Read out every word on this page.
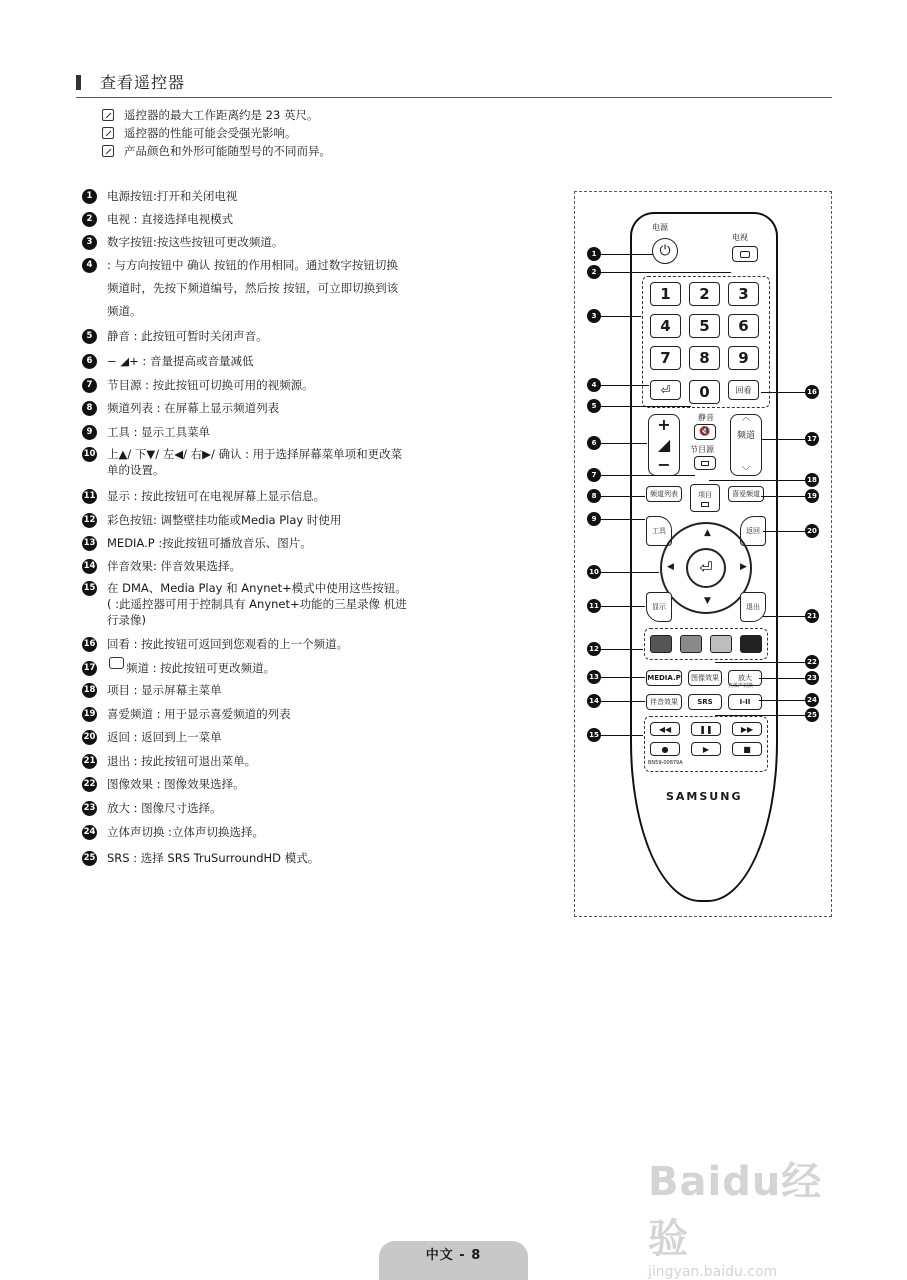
查看遥控器
遥控器的最大工作距离约是 23 英尺。
遥控器的性能可能会受强光影响。
产品颜色和外形可能随型号的不同而异。
1	电源按钮:打开和关闭电视
2	电视 : 直接选择电视模式
3	数字按钮:按这些按钮可更改频道。
4	: 与方向按钮中 确认 按钮的作用相同。通过数字按钮切换频道时，先按下频道编号，然后按 按钮，可立即切换到该频道。
5	静音 : 此按钮可暂时关闭声音。
6	− ◢+ : 音量提高或音量减低
7	节目源 : 按此按钮可切换可用的视频源。
8	频道列表 : 在屏幕上显示频道列表
9	工具 : 显示工具菜单
10 上▲/ 下▼/ 左◀/ 右▶/ 确认 : 用于选择屏幕菜单项和更改菜单的设置。
11 显示 : 按此按钮可在电视屏幕上显示信息。
12 彩色按钮: 调整壁挂功能或Media Play 时使用
13 MEDIA.P :按此按钮可播放音乐、图片。
14 伴音效果: 伴音效果选择。
15 在 DMA、Media Play 和 Anynet+模式中使用这些按钮。( :此遥控器可用于控制具有 Anynet+功能的三星录像 机进行录像)
16 回看 : 按此按钮可返回到您观看的上一个频道。
17	频道 : 按此按钮可更改频道。
18 项目 : 显示屏幕主菜单
19 喜爱频道 : 用于显示喜爱频道的列表
20 返回 : 返回到上一菜单
21 退出 : 按此按钮可退出菜单。
22 图像效果 : 图像效果选择。
23 放大 : 图像尺寸选择。
24 立体声切换 :立体声切换选择。
25 SRS : 选择 SRS TruSurroundHD 模式。
电源
⏻
电视
1	2	3
4	5	6
7	8	9
⏎	0	回看
+
◢
−
静音
🔇
节目源
︿

频道

﹀
频道列表	项目	喜爱频道
工具	返回
▲
▼
◀	▶
⏎
显示	退出
MEDIA.P	图像效果	放大
伴音效果	SRS
立体声切换
I-II
◀◀	❚❚	▶▶
●	▶	■
BN59-00879A
SAMSUNG
1
2
3
4
5
6
7
8
9
10
11
12
13
14
15
16
17
18
19
20
21
22
23
24
25
Baidu经验
jingyan.baidu.com
中文 - 8
